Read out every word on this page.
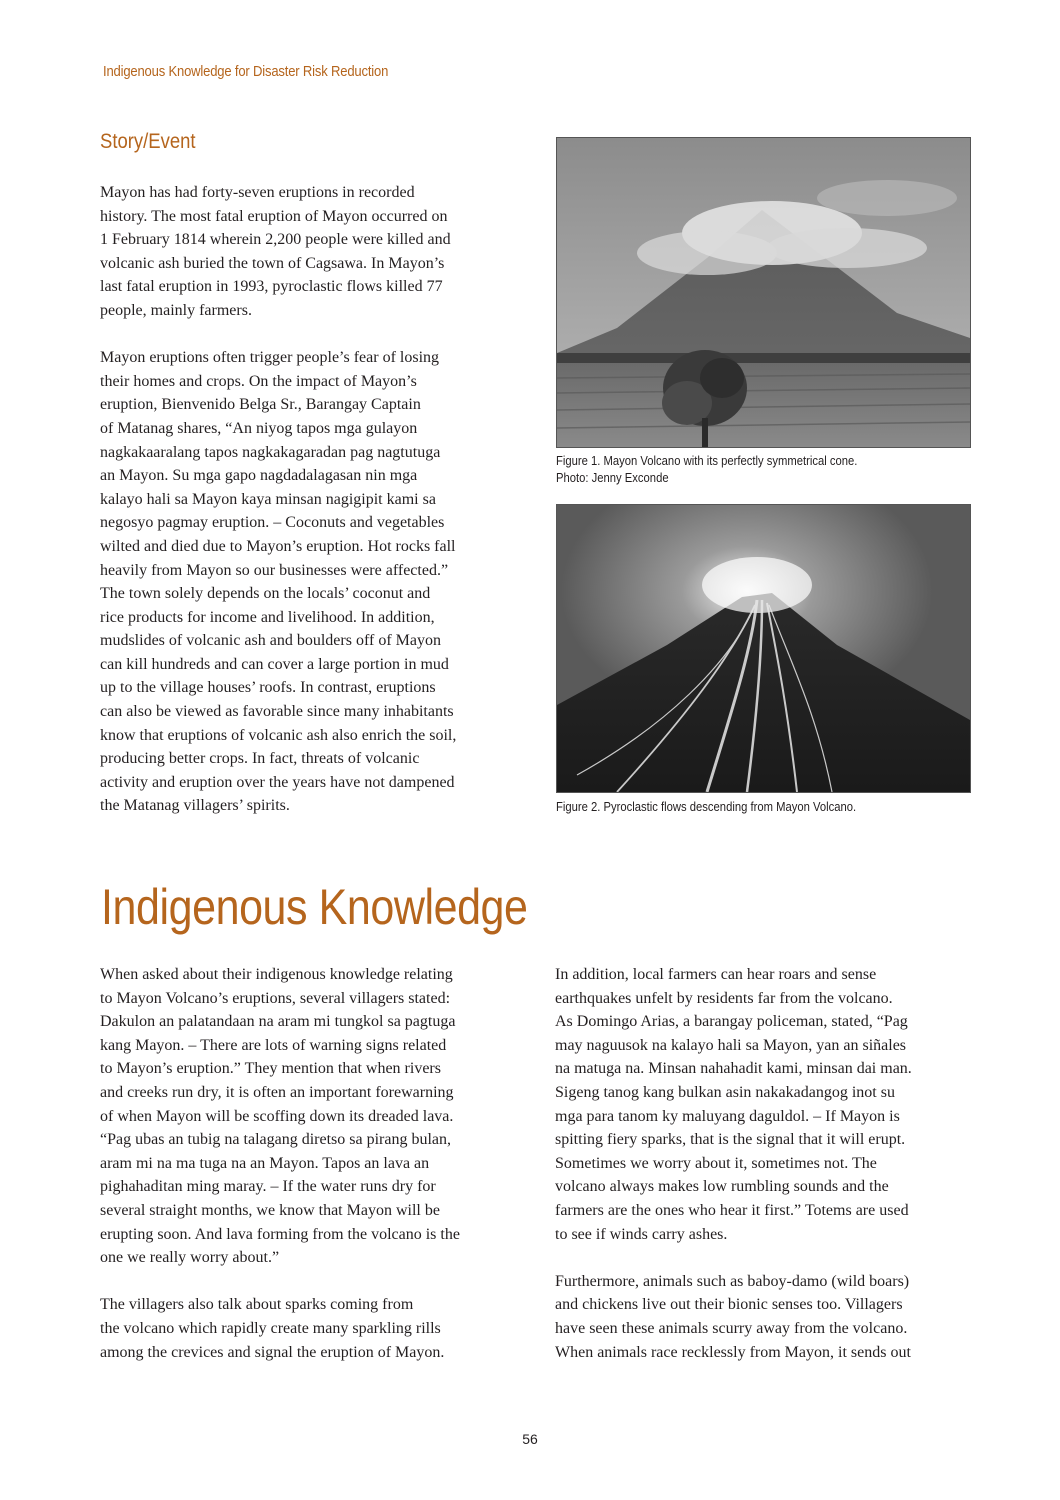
Indigenous Knowledge for Disaster Risk Reduction
Story/Event

Mayon has had forty-seven eruptions in recorded
history. The most fatal eruption of Mayon occurred on
1 February 1814 wherein 2,200 people were killed and
volcanic ash buried the town of Cagsawa. In Mayon’s
last fatal eruption in 1993, pyroclastic flows killed 77
people, mainly farmers.

Mayon eruptions often trigger people’s fear of losing
their homes and crops. On the impact of Mayon’s
eruption, Bienvenido Belga Sr., Barangay Captain
of Matanag shares, “An niyog tapos mga gulayon
nagkakaaralang tapos nagkakagaradan pag nagtutuga
an Mayon. Su mga gapo nagdadalagasan nin mga
kalayo hali sa Mayon kaya minsan nagigipit kami sa
negosyo pagmay eruption. – Coconuts and vegetables
wilted and died due to Mayon’s eruption. Hot rocks fall
heavily from Mayon so our businesses were affected.”
The town solely depends on the locals’ coconut and
rice products for income and livelihood. In addition,
mudslides of volcanic ash and boulders off of Mayon
can kill hundreds and can cover a large portion in mud
up to the village houses’ roofs. In contrast, eruptions
can also be viewed as favorable since many inhabitants
know that eruptions of volcanic ash also enrich the soil,
producing better crops. In fact, threats of volcanic
activity and eruption over the years have not dampened
the Matanag villagers’ spirits.

Figure 1. Mayon Volcano with its perfectly symmetrical cone.
Photo: Jenny Exconde
Figure 2. Pyroclastic flows descending from Mayon Volcano.
Indigenous Knowledge

When asked about their indigenous knowledge relating
to Mayon Volcano’s eruptions, several villagers stated:
Dakulon an palatandaan na aram mi tungkol sa pagtuga
kang Mayon. – There are lots of warning signs related
to Mayon’s eruption.” They mention that when rivers
and creeks run dry, it is often an important forewarning
of when Mayon will be scoffing down its dreaded lava.
“Pag ubas an tubig na talagang diretso sa pirang bulan,
aram mi na ma tuga na an Mayon. Tapos an lava an
pighahaditan ming maray. – If the water runs dry for
several straight months, we know that Mayon will be
erupting soon. And lava forming from the volcano is the
one we really worry about.”

The villagers also talk about sparks coming from
the volcano which rapidly create many sparkling rills
among the crevices and signal the eruption of Mayon.

In addition, local farmers can hear roars and sense
earthquakes unfelt by residents far from the volcano.
As Domingo Arias, a barangay policeman, stated, “Pag
may naguusok na kalayo hali sa Mayon, yan an siñales
na matuga na. Minsan nahahadit kami, minsan dai man.
Sigeng tanog kang bulkan asin nakakadangog inot su
mga para tanom ky maluyang daguldol. – If Mayon is
spitting fiery sparks, that is the signal that it will erupt.
Sometimes we worry about it, sometimes not. The
volcano always makes low rumbling sounds and the
farmers are the ones who hear it first.” Totems are used
to see if winds carry ashes.

Furthermore, animals such as baboy-damo (wild boars)
and chickens live out their bionic senses too. Villagers
have seen these animals scurry away from the volcano.
When animals race recklessly from Mayon, it sends out

56
